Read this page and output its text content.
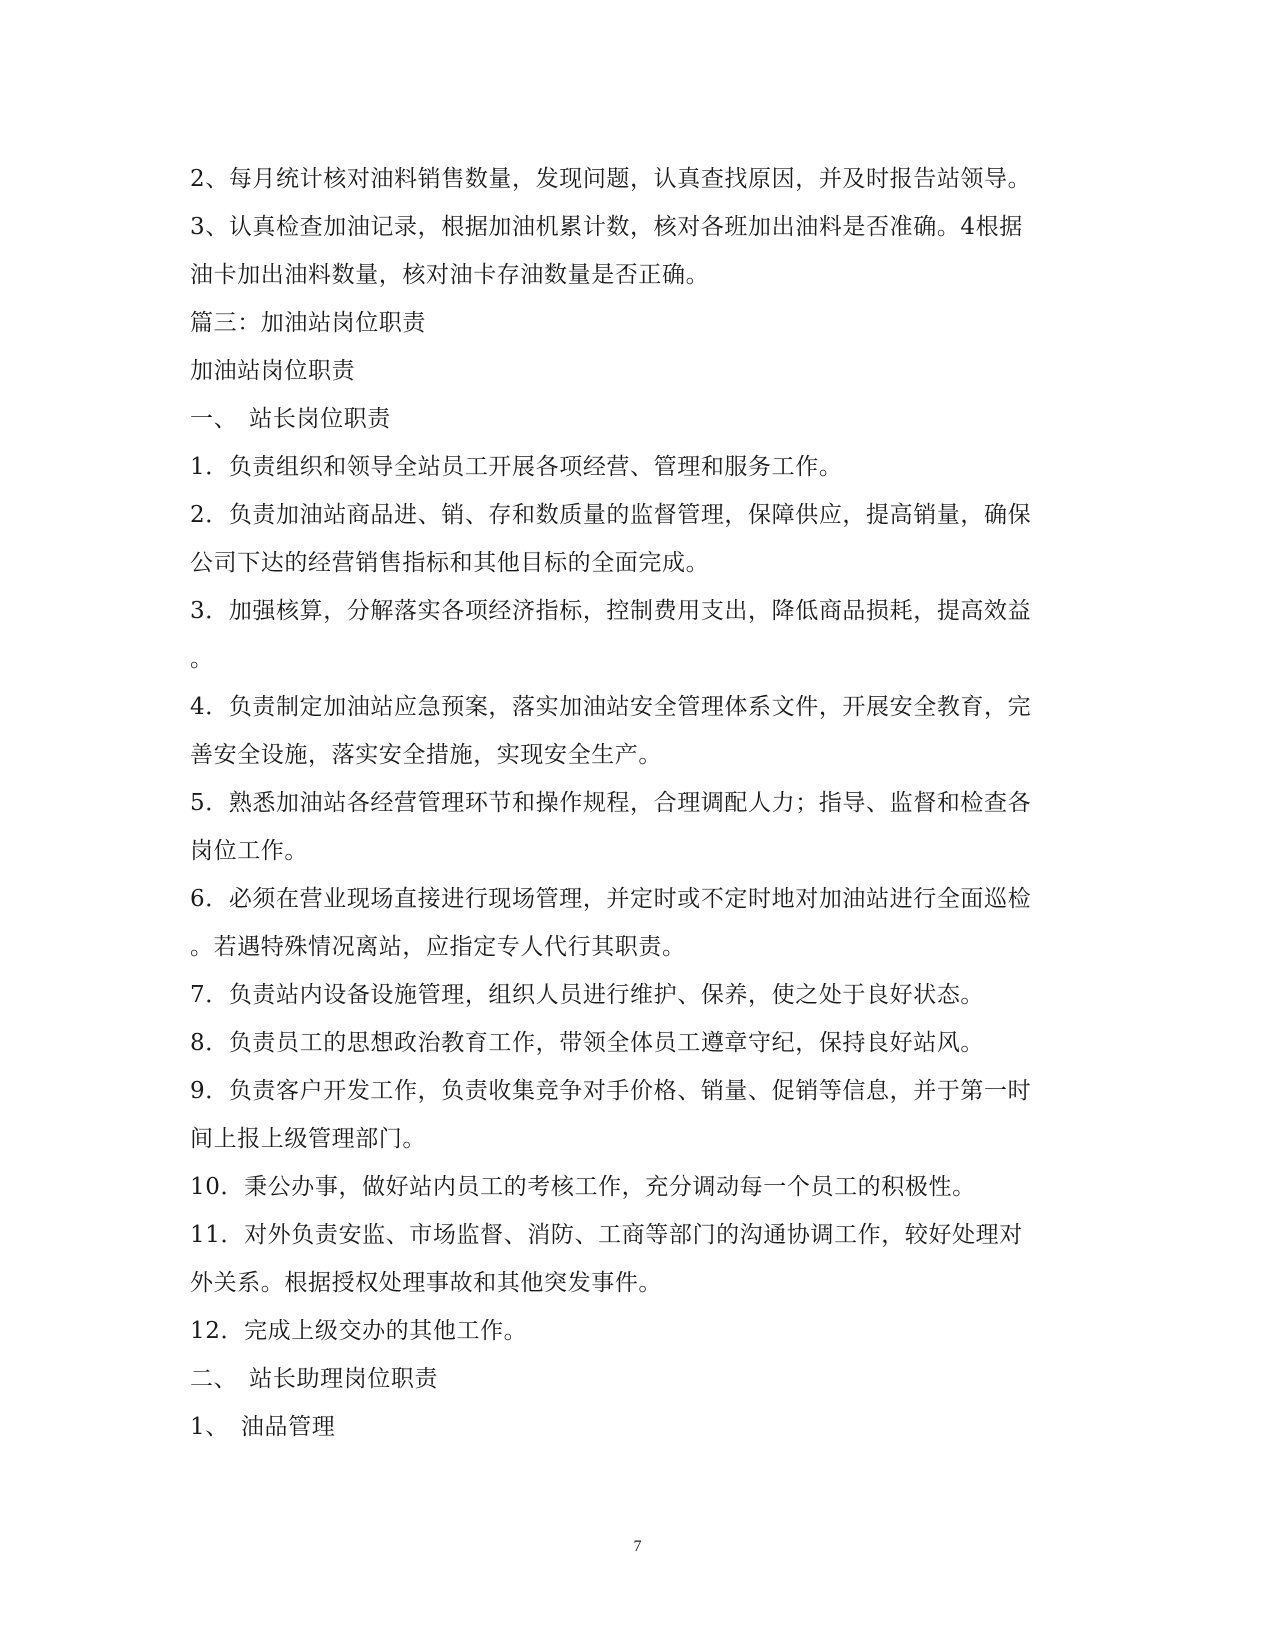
2、每月统计核对油料销售数量，发现问题，认真查找原因，并及时报告站领导。
3、认真检查加油记录，根据加油机累计数，核对各班加出油料是否准确。4根据
油卡加出油料数量，核对油卡存油数量是否正确。
篇三：加油站岗位职责
加油站岗位职责
一、　站长岗位职责
1．负责组织和领导全站员工开展各项经营、管理和服务工作。
2．负责加油站商品进、销、存和数质量的监督管理，保障供应，提高销量，确保
公司下达的经营销售指标和其他目标的全面完成。
3．加强核算，分解落实各项经济指标，控制费用支出，降低商品损耗，提高效益
。
4．负责制定加油站应急预案，落实加油站安全管理体系文件，开展安全教育，完
善安全设施，落实安全措施，实现安全生产。
5．熟悉加油站各经营管理环节和操作规程，合理调配人力；指导、监督和检查各
岗位工作。
6．必须在营业现场直接进行现场管理，并定时或不定时地对加油站进行全面巡检
。若遇特殊情况离站，应指定专人代行其职责。
7．负责站内设备设施管理，组织人员进行维护、保养，使之处于良好状态。
8．负责员工的思想政治教育工作，带领全体员工遵章守纪，保持良好站风。
9．负责客户开发工作，负责收集竞争对手价格、销量、促销等信息，并于第一时
间上报上级管理部门。
10．秉公办事，做好站内员工的考核工作，充分调动每一个员工的积极性。
11．对外负责安监、市场监督、消防、工商等部门的沟通协调工作，较好处理对
外关系。根据授权处理事故和其他突发事件。
12．完成上级交办的其他工作。
二、　站长助理岗位职责
1、　油品管理
7
